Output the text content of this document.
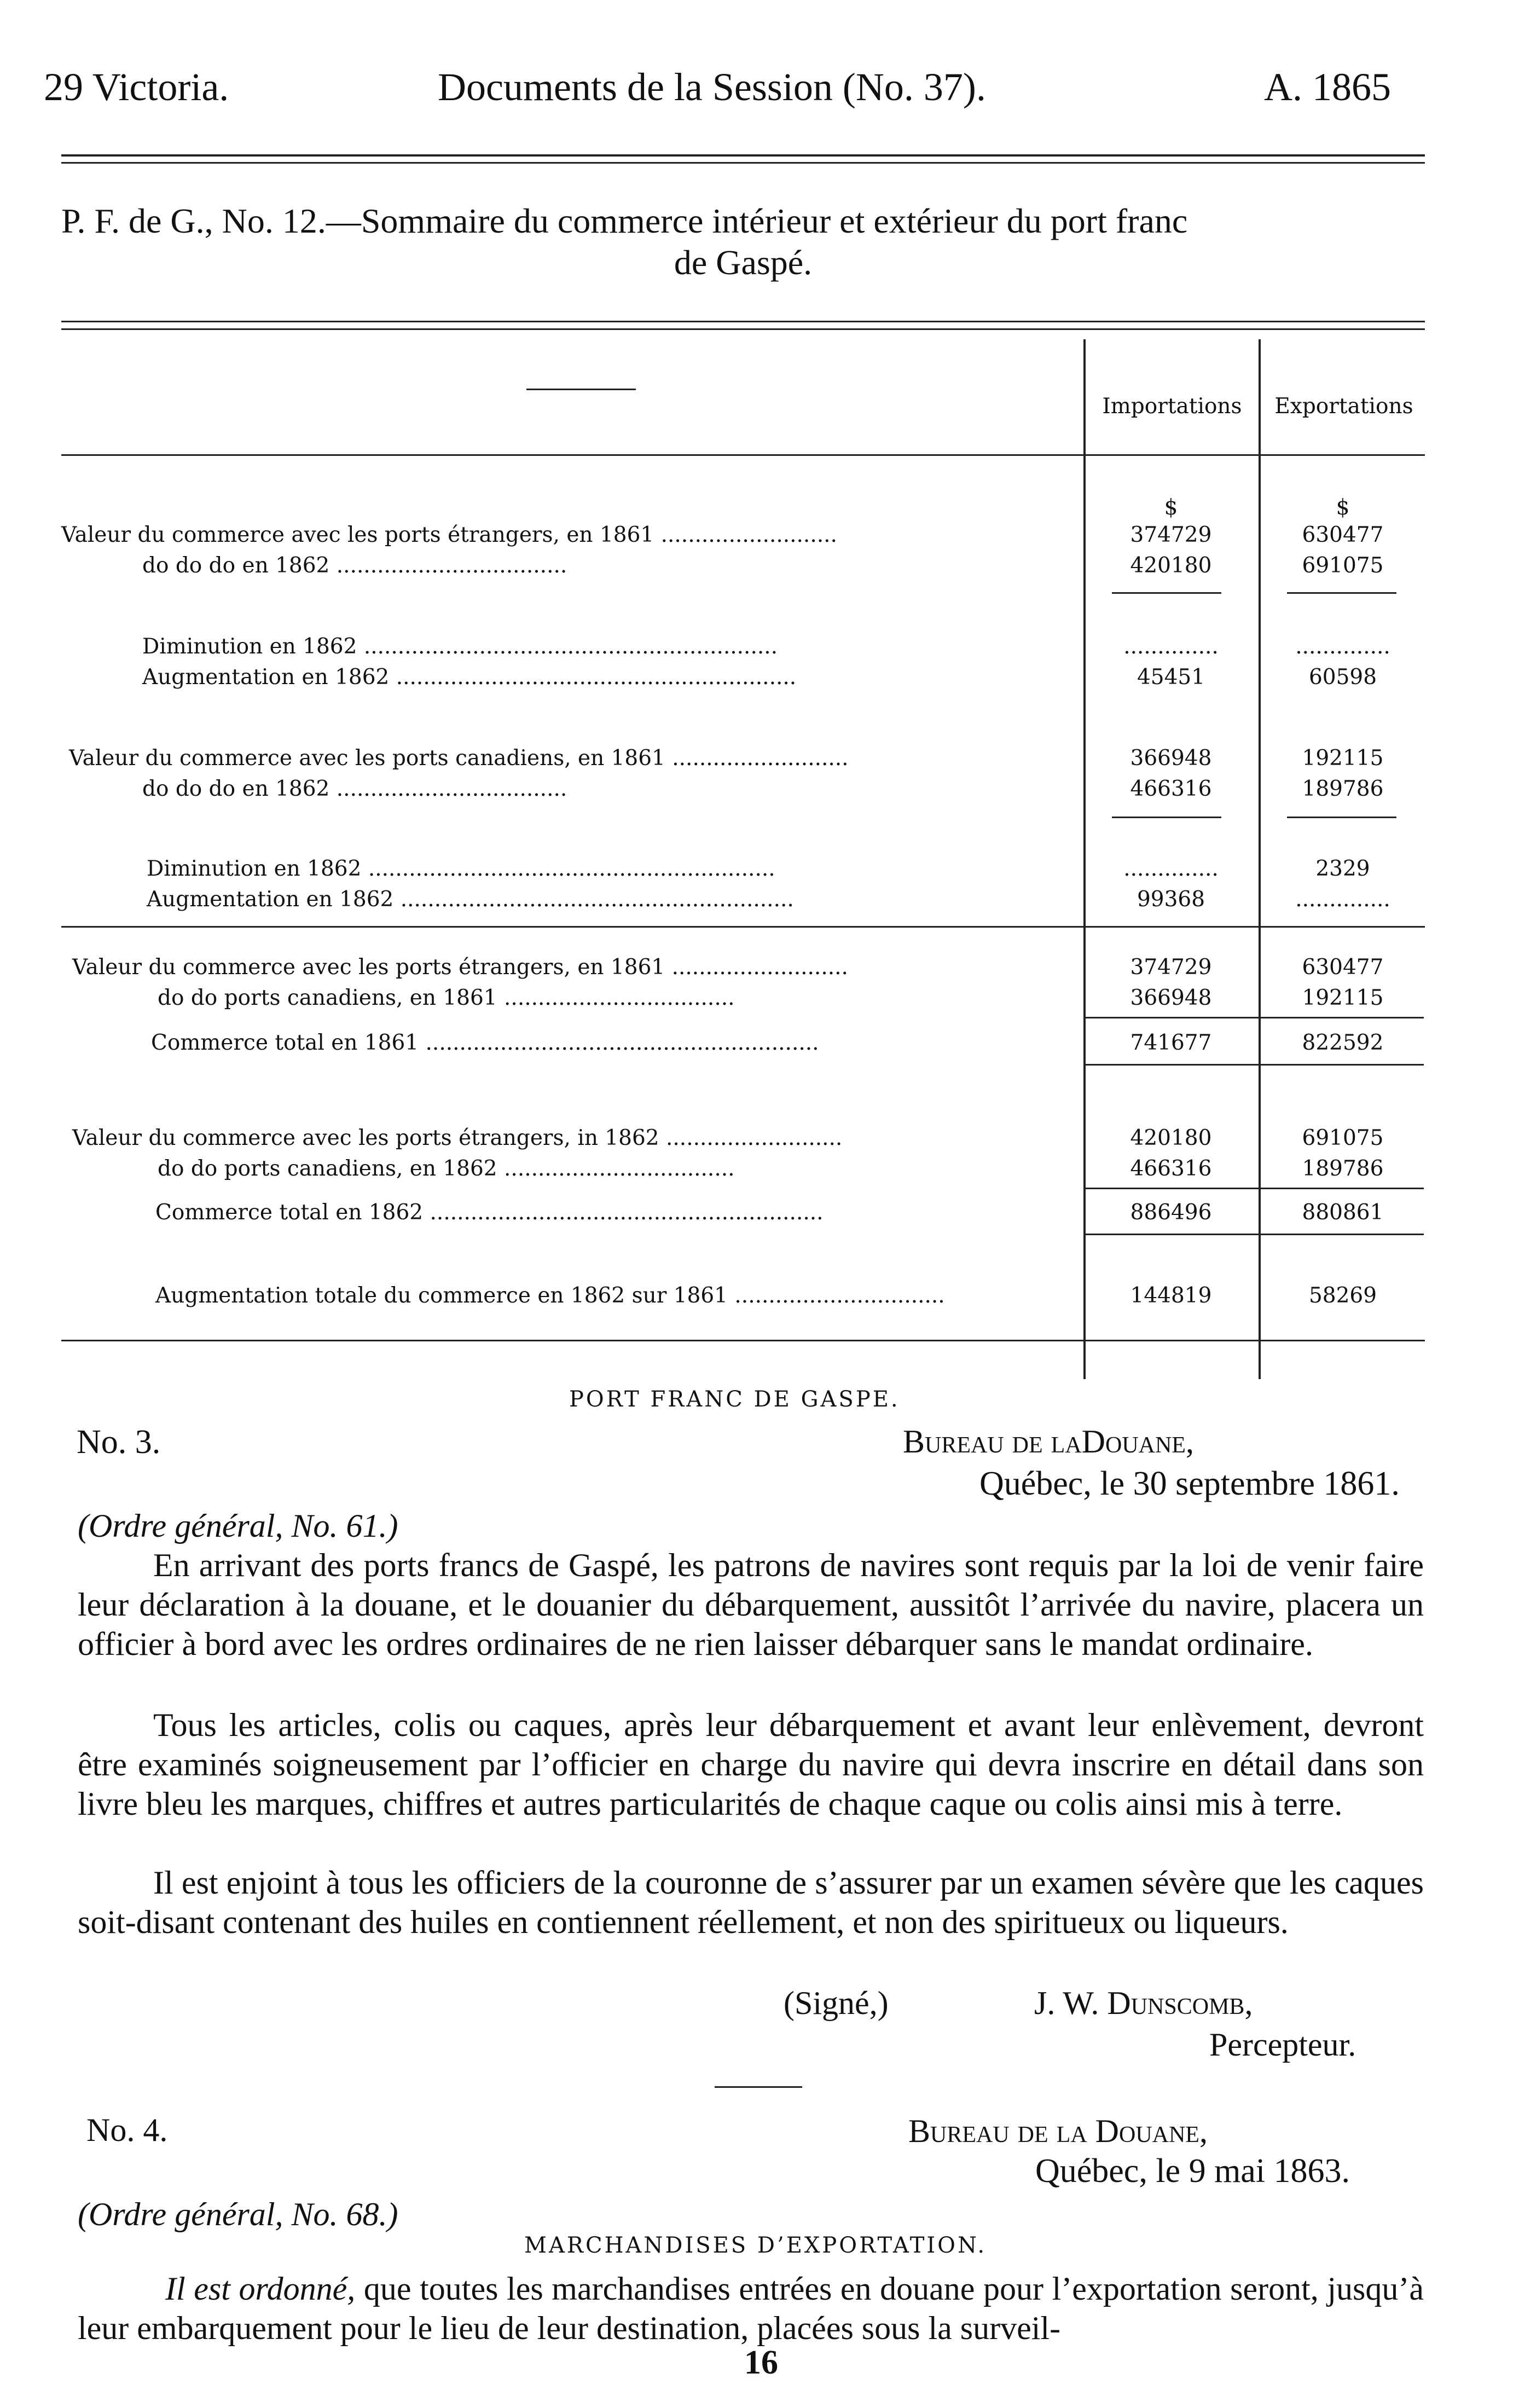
29 Victoria.	Documents de la Session (No. 37).	A. 1865
P. F. de G., No. 12.—Sommaire du commerce intérieur et extérieur du port franc
de Gaspé.
Importations	Exportations
$	$
Valeur du commerce avec les ports étrangers, en 1861 ..........................	374729	630477
do do do en 1862 ..................................	420180	691075
Diminution en 1862 .............................................................	..............	..............
Augmentation en 1862 ...........................................................	45451	60598
Valeur du commerce avec les ports canadiens, en 1861 ..........................	366948	192115
do do do en 1862 ..................................	466316	189786
Diminution en 1862 ............................................................	..............	2329
Augmentation en 1862 ..........................................................	99368	..............
Valeur du commerce avec les ports étrangers, en 1861 ..........................	374729	630477
do do ports canadiens, en 1861 ..................................	366948	192115
Commerce total en 1861 ..........................................................	741677	822592
Valeur du commerce avec les ports étrangers, in 1862 ..........................	420180	691075
do do ports canadiens, en 1862 ..................................	466316	189786
Commerce total en 1862 ..........................................................	886496	880861
Augmentation totale du commerce en 1862 sur 1861 ...............................	144819	58269
PORT FRANC DE GASPE.
No. 3.	Bureau de laDouane,
Québec, le 30 septembre 1861.
(Ordre général, No. 61.)
En arrivant des ports francs de Gaspé, les patrons de navires sont requis par la loi de venir faire leur déclaration à la douane, et le douanier du débarquement, aussitôt l’arrivée du navire, placera un officier à bord avec les ordres ordinaires de ne rien laisser débarquer sans le mandat ordinaire.
Tous les articles, colis ou caques, après leur débarquement et avant leur enlèvement, devront être examinés soigneusement par l’officier en charge du navire qui devra inscrire en détail dans son livre bleu les marques, chiffres et autres particularités de chaque caque ou colis ainsi mis à terre.
Il est enjoint à tous les officiers de la couronne de s’assurer par un examen sévère que les caques soit-disant contenant des huiles en contiennent réellement, et non des spiritueux ou liqueurs.
(Signé,)	J. W. Dunscomb,
Percepteur.
No. 4.	Bureau de la Douane,
Québec, le 9 mai 1863.
(Ordre général, No. 68.)
MARCHANDISES D’EXPORTATION.
Il est ordonné, que toutes les marchandises entrées en douane pour l’exportation seront, jusqu’à leur embarquement pour le lieu de leur destination, placées sous la surveil-
16
